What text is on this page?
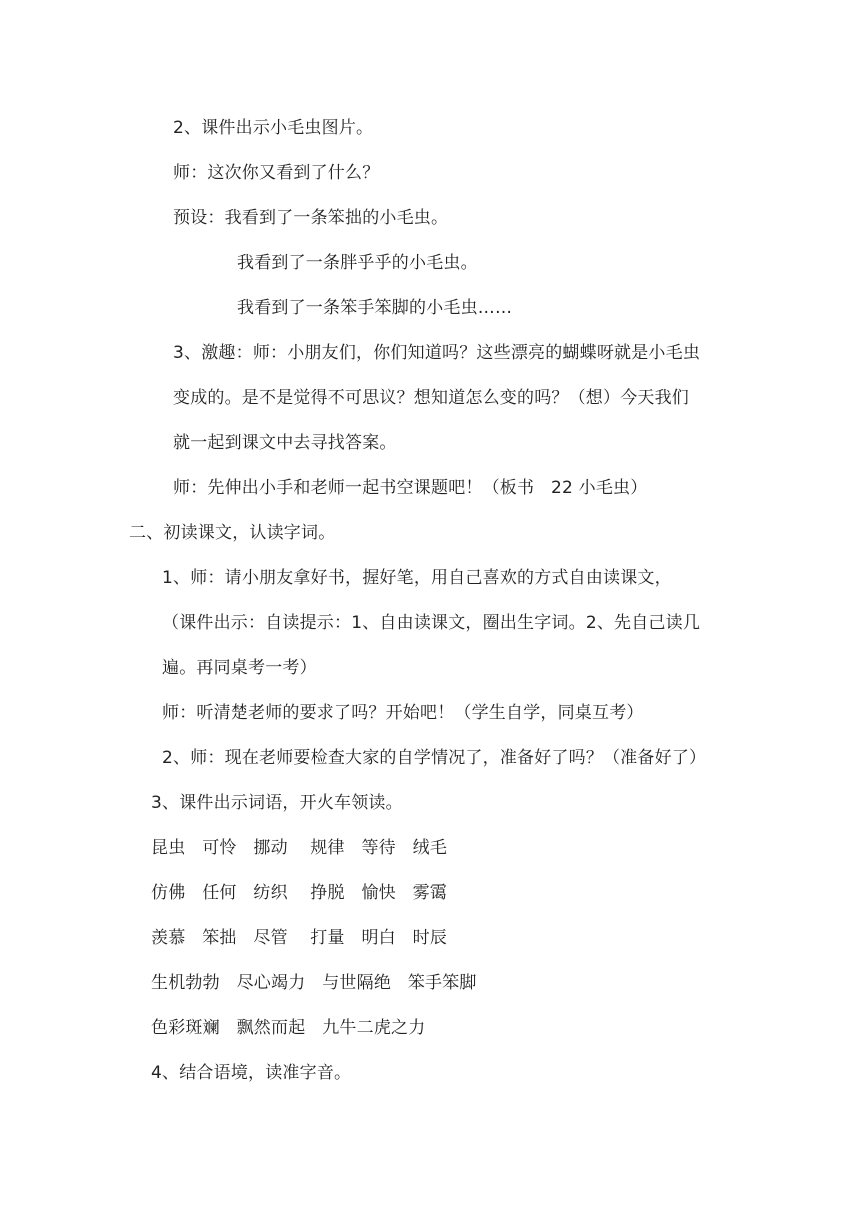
2、课件出示小毛虫图片。
师：这次你又看到了什么？
预设：我看到了一条笨拙的小毛虫。
我看到了一条胖乎乎的小毛虫。
我看到了一条笨手笨脚的小毛虫……
3、激趣：师：小朋友们，你们知道吗？这些漂亮的蝴蝶呀就是小毛虫
变成的。是不是觉得不可思议？想知道怎么变的吗？（想）今天我们
就一起到课文中去寻找答案。
师：先伸出小手和老师一起书空课题吧！（板书   22 小毛虫）
二、初读课文，认读字词。
1、师：请小朋友拿好书，握好笔，用自己喜欢的方式自由读课文，
（课件出示：自读提示：1、自由读课文，圈出生字词。2、先自己读几
遍。再同桌考一考）
师：听清楚老师的要求了吗？开始吧！（学生自学，同桌互考）
2、师：现在老师要检查大家的自学情况了，准备好了吗？（准备好了）
3、课件出示词语，开火车领读。
昆虫   可怜   挪动    规律   等待   绒毛
仿佛   任何   纺织    挣脱   愉快   雾霭
羡慕   笨拙   尽管    打量   明白   时辰
生机勃勃   尽心竭力   与世隔绝   笨手笨脚
色彩斑斓   飘然而起   九牛二虎之力
4、结合语境，读准字音。
